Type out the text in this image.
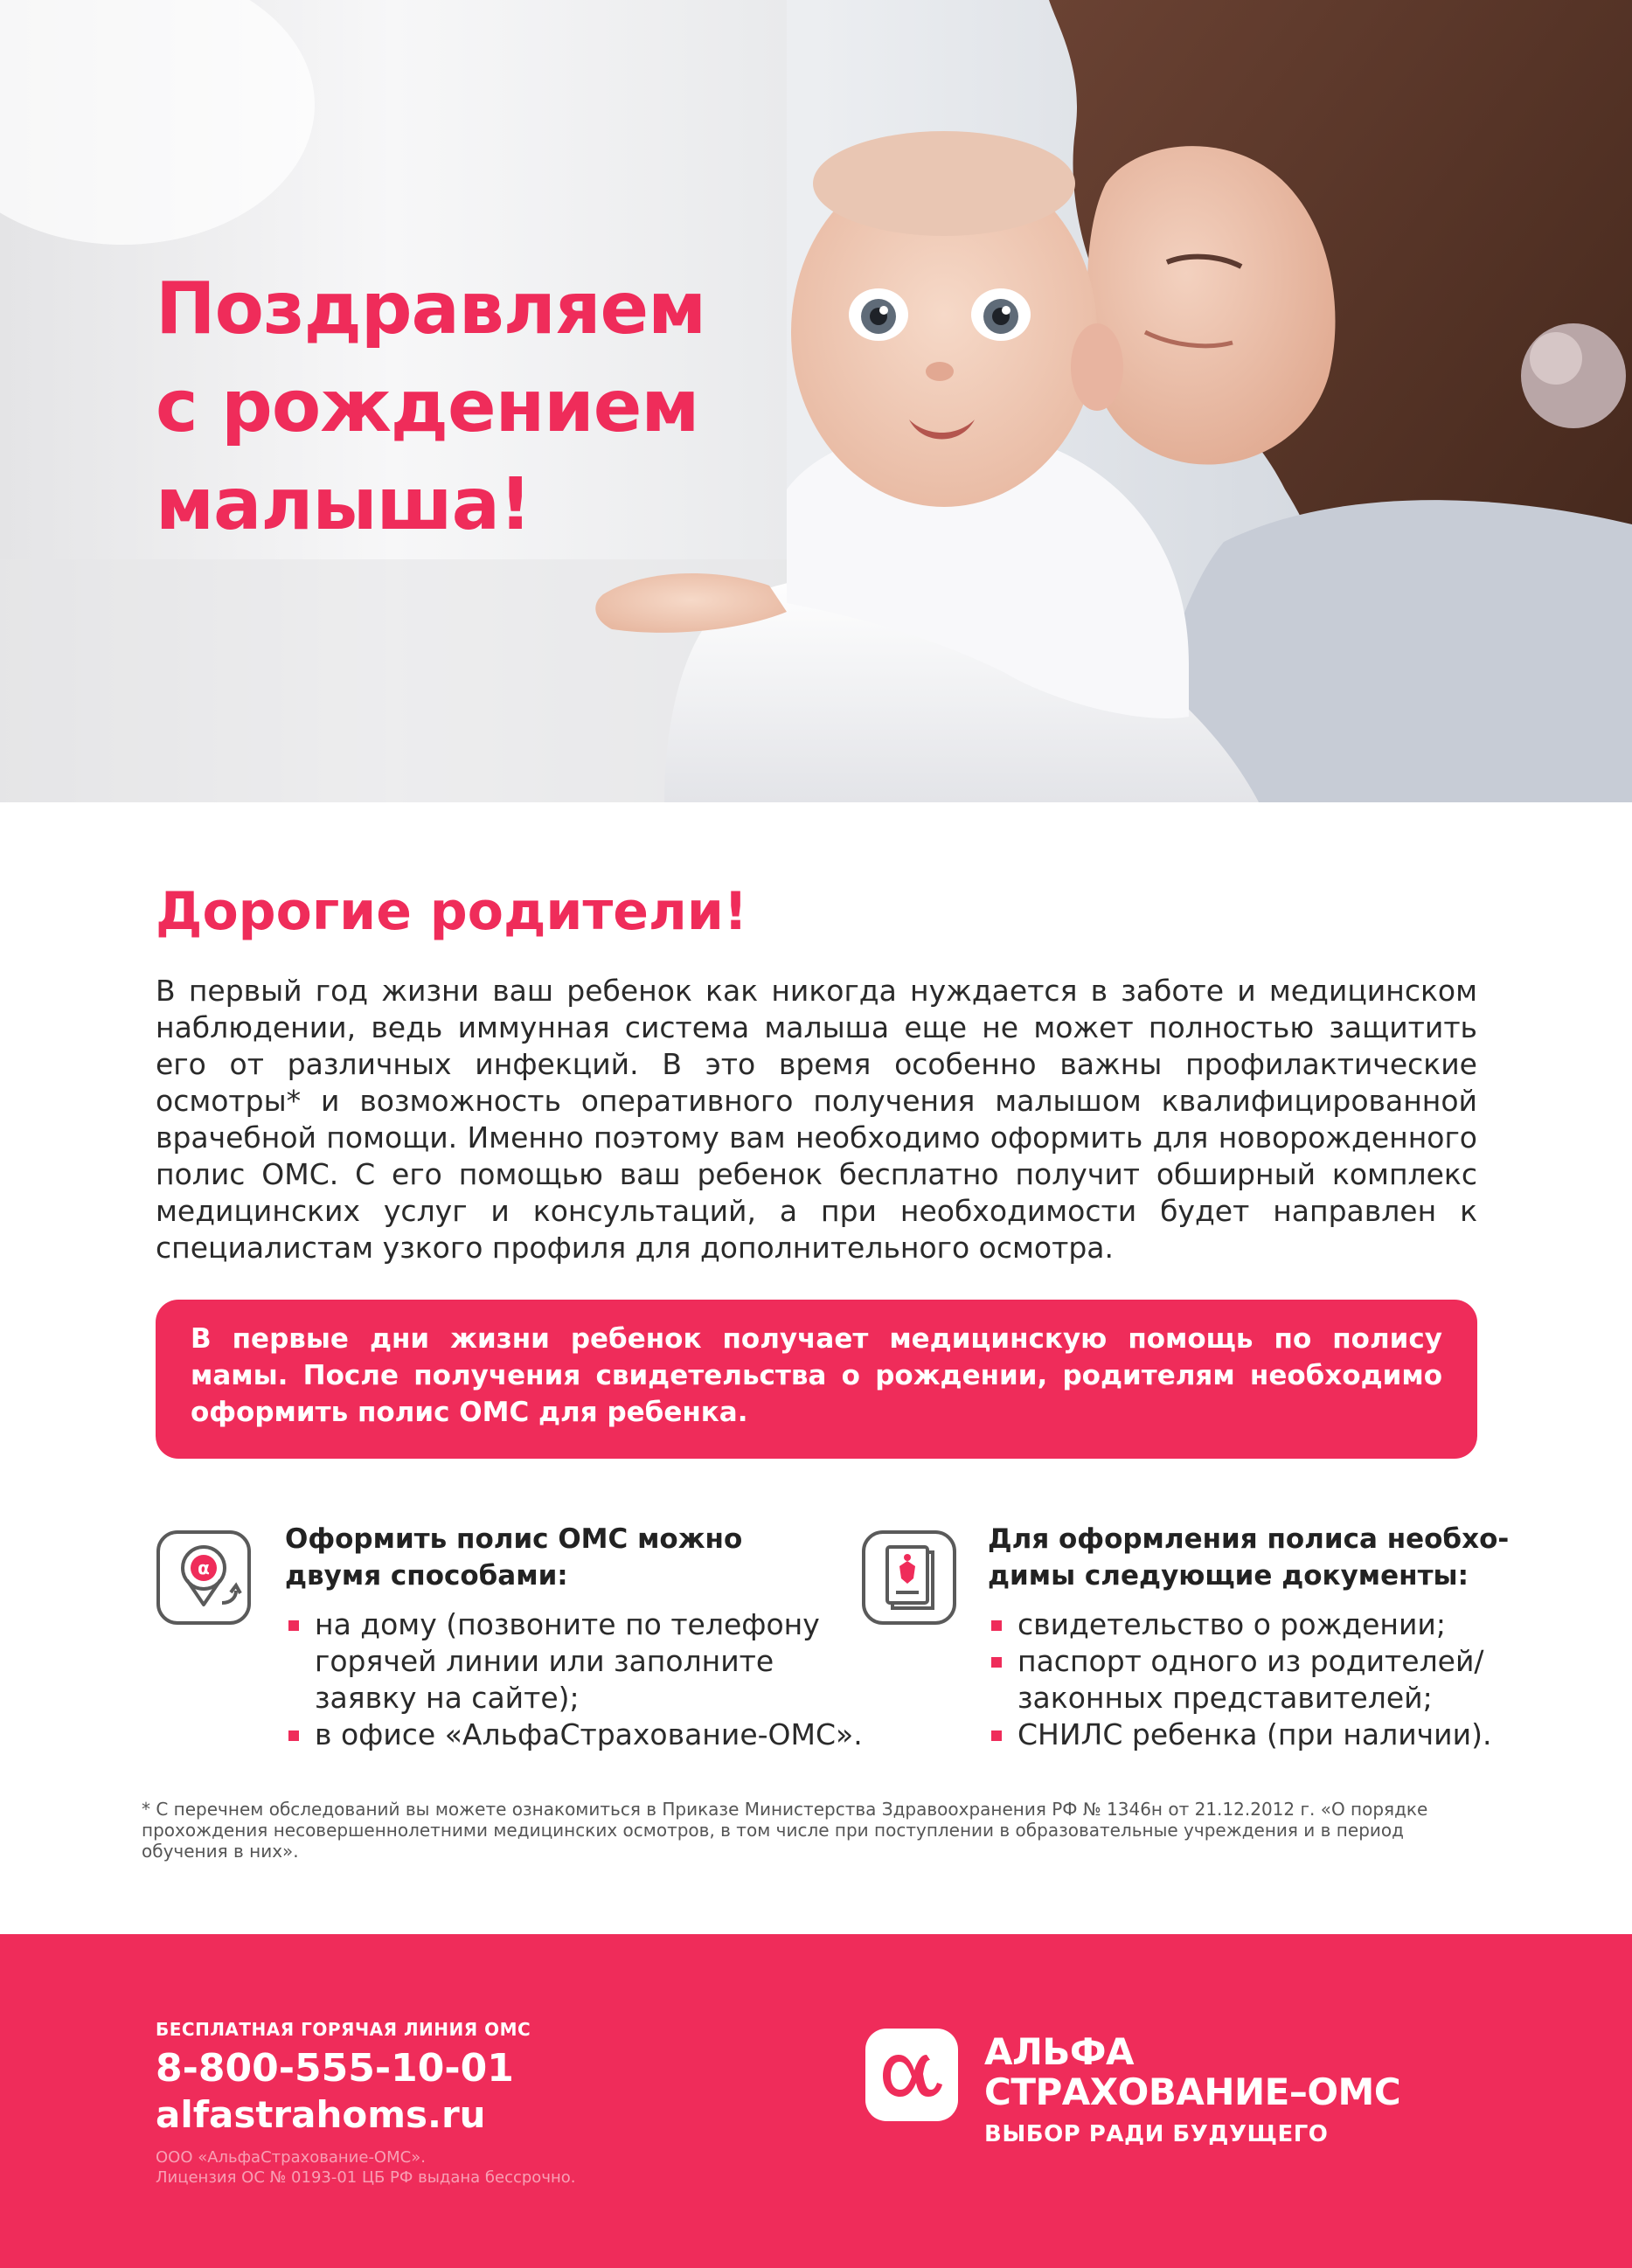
Поздравляем
с рождением
малыша!
Дорогие родители!

В первый год жизни ваш ребенок как никогда нуждается в заботе и медицинском наблюдении, ведь иммунная система малыша еще не может полностью защитить его от различных инфекций. В это время особенно важны профилактические осмотры* и возможность оперативного получения малышом квалифицированной врачебной помощи. Именно поэтому вам необходимо оформить для новорожденного полис ОМС. С его помощью ваш ребенок бесплатно получит обширный комплекс медицинских услуг и консультаций, а при необходимости будет направлен к специалистам узкого профиля для дополнительного осмотра.

В первые дни жизни ребенок получает медицинскую помощь по полису мамы. После получения свидетельства о рождении, родителям необходимо оформить полис ОМС для ребенка.

α
Оформить полис ОМС можно
двумя способами:
на дому (позвоните по телефону
горячей линии или заполните
заявку на сайте);
в офисе «АльфаСтрахование-ОМС».
Для оформления полиса необхо-
димы следующие документы:
свидетельство о рождении;
паспорт одного из родителей/
законных представителей;
СНИЛС ребенка (при наличии).

* С перечнем обследований вы можете ознакомиться в Приказе Министерства Здравоохранения РФ № 1346н от 21.12.2012 г. «О порядке прохождения несовершеннолетними медицинских осмотров, в том числе при поступлении в образовательные учреждения и в период обучения в них».

БЕСПЛАТНАЯ ГОРЯЧАЯ ЛИНИЯ ОМС
8-800-555-10-01
alfastrahoms.ru
ООО «АльфаСтрахование-ОМС».
Лицензия ОС № 0193-01 ЦБ РФ выдана бессрочно.
АЛЬФА
СТРАХОВАНИЕ–ОМС
ВЫБОР РАДИ БУДУЩЕГО
